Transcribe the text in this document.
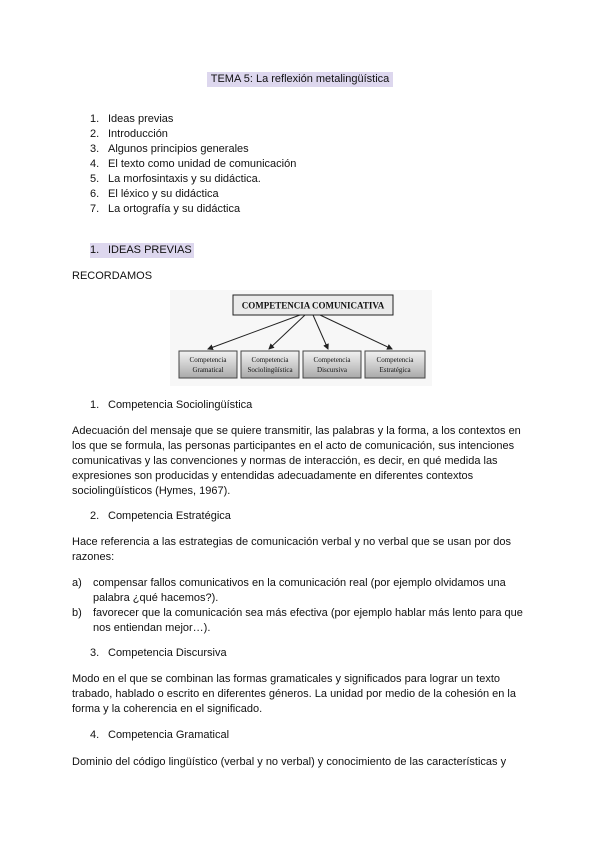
TEMA 5: La reflexión metalingüística
1. Ideas previas
2. Introducción
3. Algunos principios generales
4. El texto como unidad de comunicación
5. La morfosintaxis y su didáctica.
6. El léxico y su didáctica
7. La ortografía y su didáctica
1. IDEAS PREVIAS
RECORDAMOS
COMPETENCIA COMUNICATIVA
Competencia
Gramatical
Competencia
Sociolingüística
Competencia
Discursiva
Competencia
Estratégica
1. Competencia Sociolingüística
Adecuación del mensaje que se quiere transmitir, las palabras y la forma, a los contextos en
los que se formula, las personas participantes en el acto de comunicación, sus intenciones
comunicativas y las convenciones y normas de interacción, es decir, en qué medida las
expresiones son producidas y entendidas adecuadamente en diferentes contextos
sociolingüísticos (Hymes, 1967).
2. Competencia Estratégica
Hace referencia a las estrategias de comunicación verbal y no verbal que se usan por dos
razones:
a) compensar fallos comunicativos en la comunicación real (por ejemplo olvidamos una
palabra ¿qué hacemos?).
b) favorecer que la comunicación sea más efectiva (por ejemplo hablar más lento para que
nos entiendan mejor…).
3. Competencia Discursiva
Modo en el que se combinan las formas gramaticales y significados para lograr un texto
trabado, hablado o escrito en diferentes géneros. La unidad por medio de la cohesión en la
forma y la coherencia en el significado.
4. Competencia Gramatical
Dominio del código lingüístico (verbal y no verbal) y conocimiento de las características y
